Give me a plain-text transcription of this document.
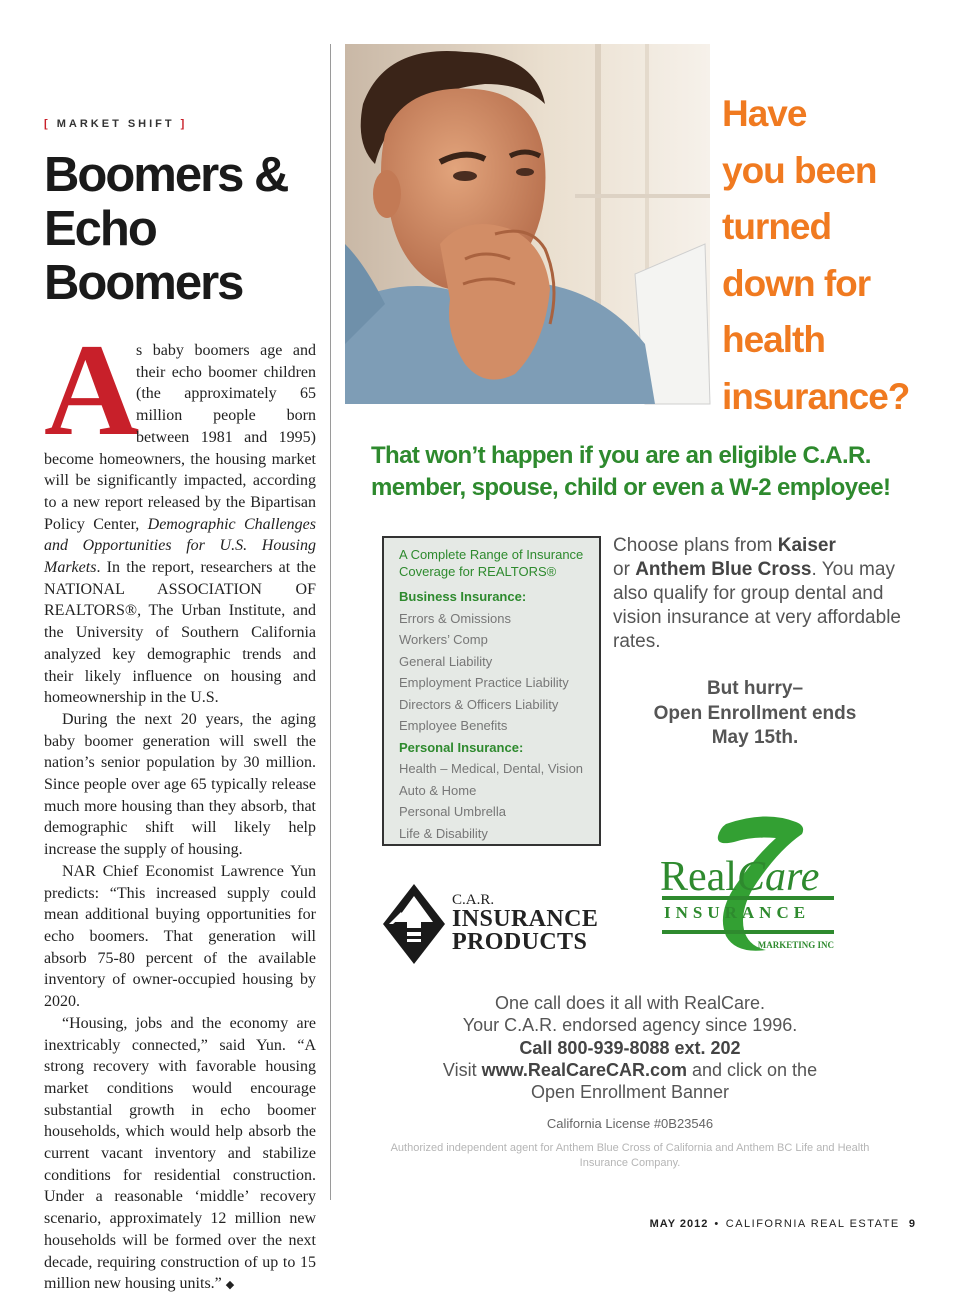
[ MARKET SHIFT ]
Boomers &
Echo Boomers

A
s baby boomers age and their echo boomer children (the approximately 65 million people born between 1981 and 1995) become homeowners, the housing market will be significantly impacted, according to a new report released by the Bipartisan Policy Center, Demographic Challenges and Opportunities for U.S. Housing Markets. In the report, researchers at the NATIONAL ASSOCIATION OF REALTORS®, The Urban Institute, and the University of Southern California analyzed key demographic trends and their likely influence on housing and homeownership in the U.S.

During the next 20 years, the aging baby boomer generation will swell the nation’s senior population by 30 million. Since people over age 65 typically release much more housing than they absorb, that demographic shift will likely help increase the supply of housing.

NAR Chief Economist Lawrence Yun predicts: “This increased supply could mean additional buying opportunities for echo boomers. That generation will absorb 75-80 percent of the available inventory of owner-occupied housing by 2020.

“Housing, jobs and the economy are inextricably connected,” said Yun. “A strong recovery with favorable housing market conditions would encourage substantial growth in echo boomer households, which would help absorb the current vacant inventory and stabilize conditions for residential construction. Under a reasonable ‘middle’ recovery scenario, approximately 12 million new households will be formed over the next decade, requiring construction of up to 15 million new housing units.” ◆

Have
you been
turned
down for
health
insurance?
That won’t happen if you are an eligible C.A.R.
member, spouse, child or even a W-2 employee!
A Complete Range of Insurance Coverage for REALTORS®
Business Insurance:
Errors & Omissions
Workers’ Comp
General Liability
Employment Practice Liability
Directors & Officers Liability
Employee Benefits
Personal Insurance:
Health – Medical, Dental, Vision
Auto & Home
Personal Umbrella
Life & Disability
Choose plans from Kaiser
or Anthem Blue Cross. You may also qualify for group dental and vision insurance at very affordable rates.
But hurry–
Open Enrollment ends
May 15th.
C.A.R.
INSURANCE
PRODUCTS
RealCare
INSURANCE
MARKETING INC
One call does it all with RealCare.
Your C.A.R. endorsed agency since 1996.
Call 800-939-8088 ext. 202
Visit www.RealCareCAR.com and click on the
Open Enrollment Banner
California License #0B23546
Authorized independent agent for Anthem Blue Cross of California and Anthem BC Life and Health Insurance Company.
MAY 2012 • CALIFORNIA REAL ESTATE 9
